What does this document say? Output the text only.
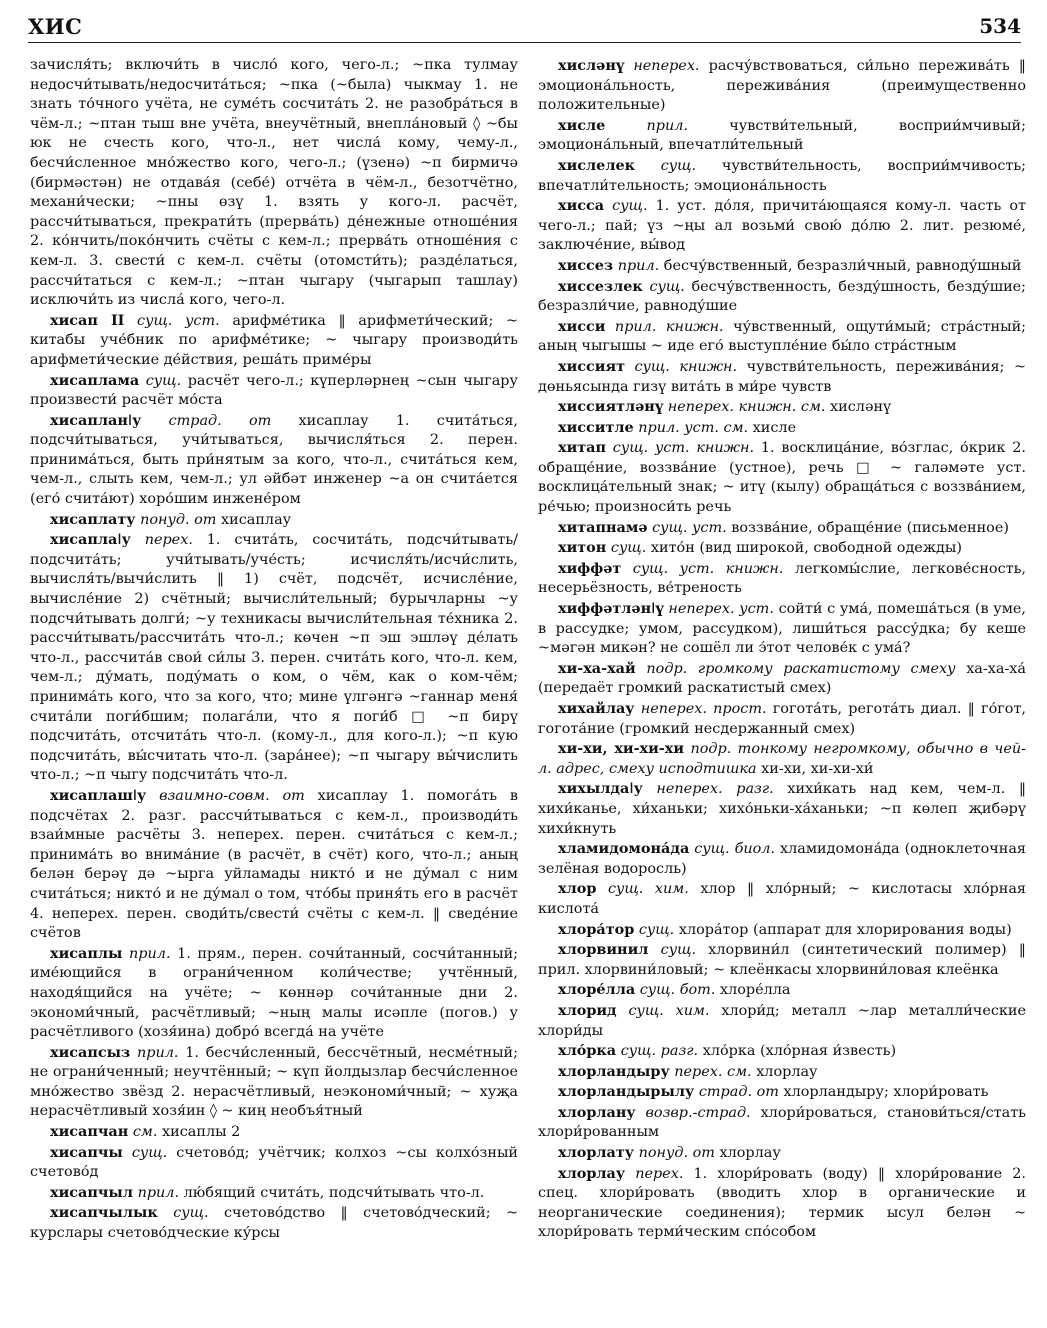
ХИС	534

зачисля́ть; включи́ть в число́ кого, чего-л.; ~пка тулмау недосчи́тывать/недосчита́ться; ~пка (~была) чыкмау 1. не знать то́чного учёта, не суме́ть сосчита́ть 2. не разобра́ться в чём-л.; ~птан тыш вне учёта, внеучётный, внепла́новый ◊ ~бы юк не счесть кого, что-л., нет числа́ кому, чему-л., бесчи́сленное мно́жество кого, чего-л.; (үзенә) ~п бирмичә (бирмәстән) не отдава́я (себе́) отчёта в чём-л., безотчётно, механи́чески; ~пны өзү 1. взять у кого-л. расчёт, рассчи́тываться, прекрати́ть (прерва́ть) де́нежные отноше́ния 2. ко́нчить/поко́нчить счёты с кем-л.; прерва́ть отноше́ния с кем-л. 3. свести́ с кем-л. счёты (отомсти́ть); разде́латься, рассчи́таться с кем-л.; ~птан чыгару (чыгарып ташлау) исключи́ть из числа́ кого, чего-л.

хисап II сущ. уст. арифме́тика ‖ арифмети́ческий; ~ китабы уче́бник по арифме́тике; ~ чыгару производи́ть арифмети́ческие де́йствия, реша́ть приме́ры

хисаплама сущ. расчёт чего-л.; күперләрнең ~сын чыгару произвести́ расчёт мо́ста

хисапланǀу страд. от хисаплау 1. счита́ться, подсчи́тываться, учи́тываться, вычисля́ться 2. перен. принима́ться, быть при́нятым за кого, что-л., счита́ться кем, чем-л., слыть кем, чем-л.; ул әйбәт инженер ~а он счита́ется (его́ счита́ют) хоро́шим инжене́ром

хисаплату понуд. от хисаплау

хисаплаǀу перех. 1. счита́ть, сосчита́ть, подсчи́тывать/подсчита́ть; учи́тывать/уче́сть; исчисля́ть/исчи́слить, вычисля́ть/вычи́слить ‖ 1) счёт, подсчёт, исчисле́ние, вычисле́ние 2) счётный; вычисли́тельный; бурычларны ~у подсчи́тывать долги́; ~у техникасы вычисли́тельная те́хника 2. рассчи́тывать/рассчита́ть что-л.; көчен ~п эш эшләү де́лать что-л., рассчита́в свои́ си́лы 3. перен. счита́ть кого, что-л. кем, чем-л.; ду́мать, поду́мать о ком, о чём, как о ком-чём; принима́ть кого, что за кого, что; мине үлгәнгә ~ганнар меня́ счита́ли поги́бшим; полага́ли, что я поги́б □ ~п бирү подсчита́ть, отсчита́ть что-л. (кому-л., для кого-л.); ~п кую подсчита́ть, вы́считать что-л. (зара́нее); ~п чыгару вы́числить что-л.; ~п чыгу подсчита́ть что-л.

хисаплашǀу взаимно-совм. от хисаплау 1. помога́ть в подсчётах 2. разг. рассчи́тываться с кем-л., производи́ть взаи́мные расчёты 3. неперех. перен. счита́ться с кем-л.; принима́ть во внима́ние (в расчёт, в счёт) кого, что-л.; аның белән берәү дә ~ырга уйламады никто́ и не ду́мал с ним счита́ться; никто́ и не ду́мал о том, что́бы приня́ть его в расчёт 4. неперех. перен. своди́ть/свести́ счёты с кем-л. ‖ сведе́ние счётов

хисаплы прил. 1. прям., перен. сочи́танный, сосчи́танный; име́ющийся в ограни́ченном коли́честве; учтённый, находя́щийся на учёте; ~ көннәр сочи́танные дни 2. экономи́чный, расчётливый; ~ның малы исәпле (погов.) у расчётливого (хозя́ина) добро́ всегда́ на учёте

хисапсыз прил. 1. бесчи́сленный, бессчётный, несме́тный; не ограни́ченный; неучтённый; ~ күп йолдызлар бесчи́сленное мно́жество звёзд 2. нерасчётливый, неэкономи́чный; ~ хуҗа нерасчётливый хозя́ин ◊ ~ киң необъя́тный

хисапчан см. хисаплы 2

хисапчы сущ. счетово́д; учётчик; колхоз ~сы колхо́зный счетово́д

хисапчыл прил. лю́бящий счита́ть, подсчи́тывать что-л.

хисапчылык сущ. счетово́дство ‖ счетово́дческий; ~ курслары счетово́дческие ку́рсы

хисләнү неперех. расчу́вствоваться, си́льно пережива́ть ‖ эмоциона́льность, пережива́ния (преимущественно положительные)

хисле	прил.	чувстви́тельный, восприи́мчивый; эмоциона́льный, впечатли́тельный

хислелек сущ. чувстви́тельность, восприи́мчивость; впечатли́тельность; эмоциона́льность

хисса сущ. 1. уст. до́ля, причита́ющаяся кому-л. часть от чего-л.; пай; үз ~ңы ал возьми́ свою́ до́лю 2. лит. резюме́, заключе́ние, вы́вод

хиссез прил. бесчу́вственный, безразли́чный, равноду́шный

хиссезлек сущ. бесчу́вственность, безду́шность, безду́шие; безразли́чие, равноду́шие

хисси прил. книжн. чу́вственный, ощути́мый; стра́стный; аның чыгышы ~ иде его́ выступле́ние бы́ло стра́стным

хиссият сущ. книжн. чувстви́тельность, пережива́ния; ~ дөньясында гизү вита́ть в ми́ре чувств

хиссиятләнү неперех. книжн. см. хисләнү

хисситле прил. уст. см. хисле

хитап сущ. уст. книжн. 1. восклица́ние, во́зглас, о́крик 2. обраще́ние, воззва́ние (устное), речь □ ~ галәмәте уст. восклица́тельный знак; ~ итү (кылу) обраща́ться с воззва́нием, ре́чью; произноси́ть речь

хитапнамә сущ. уст. воззва́ние, обраще́ние (письменное)

хитон сущ. хито́н (вид широкой, свободной одежды)

хиффәт сущ. уст. книжн. легкомы́слие, легкове́сность, несерьёзность, ве́треность

хиффәтләнǀү неперех. уст. сойти́ с ума́, помеша́ться (в уме, в рассудке; умом, рассудком), лиши́ться рассу́дка; бу кеше ~мәгән микән? не сошёл ли э́тот челове́к с ума́?

хи-ха-хай подр. громкому раскатистому смеху ха-ха-ха́ (передаёт громкий раскатистый смех)

хихайлау неперех. прост. гогота́ть, регота́ть диал. ‖ го́гот, гогота́ние (громкий несдержанный смех)

хи-хи, хи-хи-хи подр. тонкому негромкому, обычно в чей-л. адрес, смеху исподтишка хи-хи, хи-хи-хи́

хихылдаǀу неперех. разг. хихи́кать над кем, чем-л. ‖ хихи́канье, хи́ханьки; хихо́ньки-ха́ханьки; ~п көлеп җибәрү хихи́кнуть

хламидомона́да сущ. биол. хламидомона́да (одноклеточная зелёная водоросль)

хлор сущ. хим. хлор ‖ хло́рный; ~ кислотасы хло́рная кислота́

хлора́тор сущ. хлора́тор (аппарат для хлорирования воды)

хлорвинил сущ. хлорвини́л (синтетический полимер) ‖ прил. хлорвини́ловый; ~ клеёнкасы хлорвини́ловая клеёнка

хлоре́лла сущ. бот. хлоре́лла

хлорид сущ. хим. хлори́д; металл ~лар металли́ческие хлори́ды

хло́рка сущ. разг. хло́рка (хло́рная и́звесть)

хлорландыру перех. см. хлорлау

хлорландырылу страд. от хлорландыру; хлори́ровать

хлорлану возвр.-страд. хлори́роваться, станови́ться/стать хлори́рованным

хлорлату понуд. от хлорлау

хлорлау перех. 1. хлори́ровать (воду) ‖ хлори́рование 2. спец. хлори́ровать (вводить хлор в органические и неорганические соединения); термик ысул белән ~ хлори́ровать терми́ческим спо́собом
